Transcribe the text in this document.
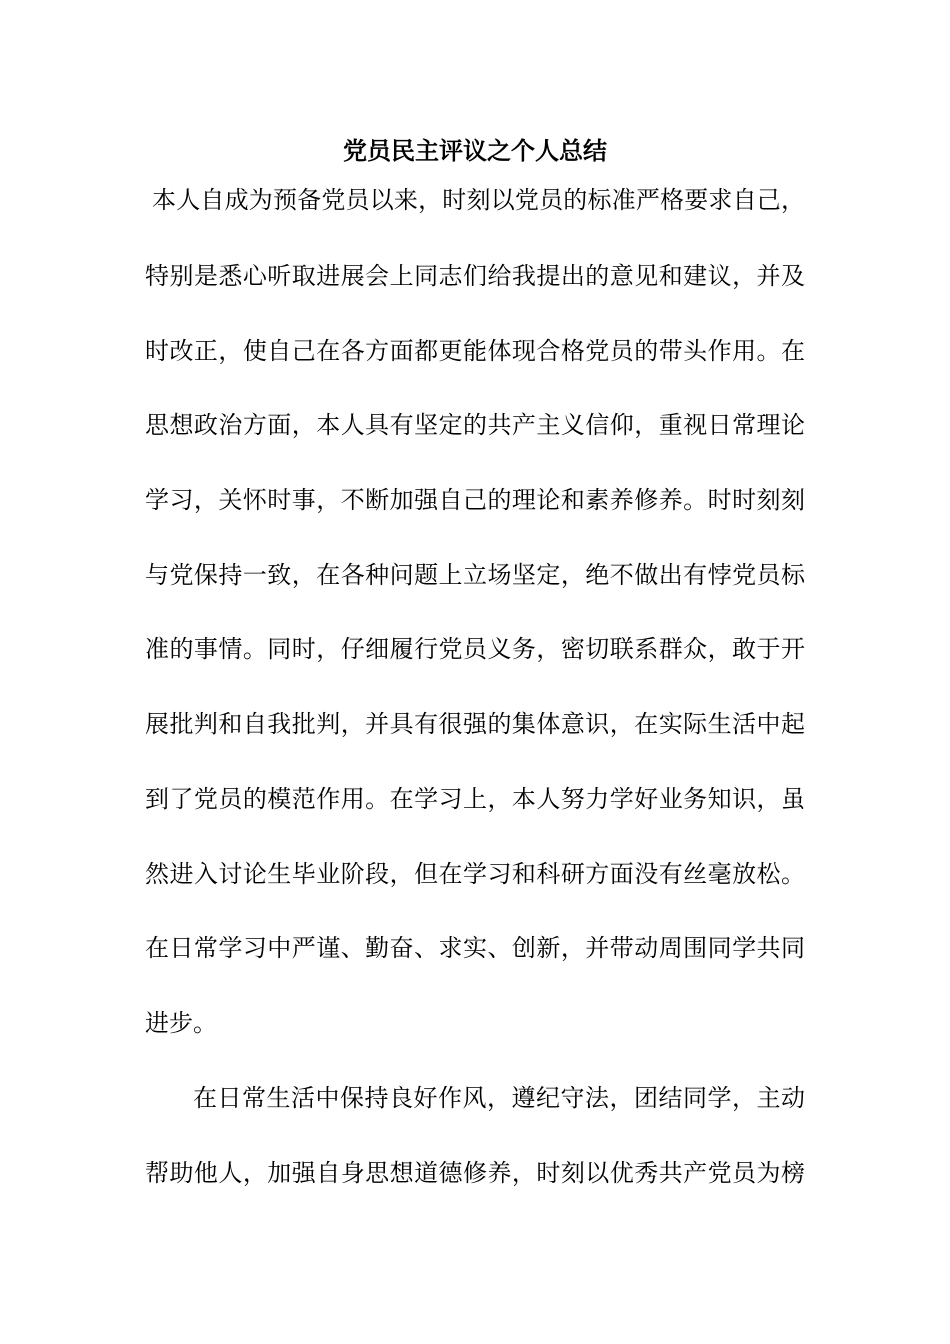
党员民主评议之个人总结

本人自成为预备党员以来，时刻以党员的标准严格要求自己，

特别是悉心听取进展会上同志们给我提出的意见和建议，并及

时改正，使自己在各方面都更能体现合格党员的带头作用。在

思想政治方面，本人具有坚定的共产主义信仰，重视日常理论

学习，关怀时事，不断加强自己的理论和素养修养。时时刻刻

与党保持一致，在各种问题上立场坚定，绝不做出有悖党员标

准的事情。同时，仔细履行党员义务，密切联系群众，敢于开

展批判和自我批判，并具有很强的集体意识，在实际生活中起

到了党员的模范作用。在学习上，本人努力学好业务知识，虽

然进入讨论生毕业阶段，但在学习和科研方面没有丝毫放松。

在日常学习中严谨、勤奋、求实、创新，并带动周围同学共同

进步。

在日常生活中保持良好作风，遵纪守法，团结同学，主动

帮助他人，加强自身思想道德修养，时刻以优秀共产党员为榜
